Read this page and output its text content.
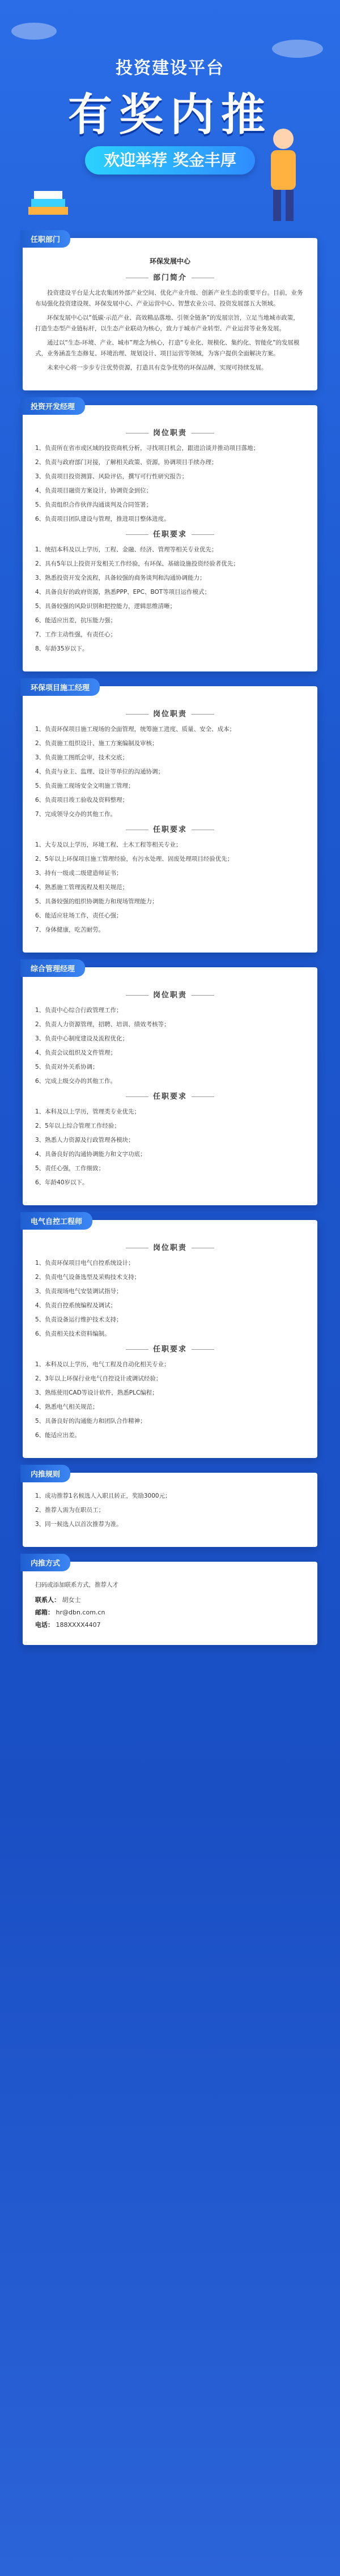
投资建设平台
有奖内推
欢迎举荐 奖金丰厚
任职部门
环保发展中心
部门简介

投资建设平台是大北农集团外部产业空间、优化产业升级、创新产业生态的重要平台。目前，业务布局强化投资建设规、环保发展中心、产业运营中心、智慧农业公司、投资发展部五大领域。

环保发展中心以“低碳·示范产业、高效精品落地、引领全链条”的发展宗旨，立足当地城市政策，打造生态型产业链标杆，以生态产业联动为核心，致力于城市产业转型、产业运营等业务发展。

通过以“生态-环境、产业、城市”理念为核心，打造“专业化、规模化、集约化、智能化”的发展模式，业务涵盖生态修复、环境治理、规划设计、项目运营等领域，为客户提供全面解决方案。

未来中心将一步步专注优势资源，打造具有竞争优势的环保品牌，实现可持续发展。

投资开发经理
岗位职责

1、负责所在省市或区域的投资商机分析，寻找项目机会，跟进洽谈并推动项目落地；

2、负责与政府部门对接，了解相关政策、资源，协调项目手续办理；

3、负责项目投资测算、风险评估，撰写可行性研究报告；

4、负责项目融资方案设计，协调资金到位；

5、负责组织合作伙伴沟通谈判及合同签署；

6、负责项目团队建设与管理，推进项目整体进度。

任职要求

1、统招本科及以上学历，工程、金融、经济、管理等相关专业优先；

2、具有5年以上投资开发相关工作经验，有环保、基础设施投资经验者优先；

3、熟悉投资开发全流程，具备较强的商务谈判和沟通协调能力；

4、具备良好的政府资源，熟悉PPP、EPC、BOT等项目运作模式；

5、具备较强的风险识别和把控能力，逻辑思维清晰；

6、能适应出差，抗压能力强；

7、工作主动性强，有责任心；

8、年龄35岁以下。

环保项目施工经理
岗位职责

1、负责环保项目施工现场的全面管理，统筹施工进度、质量、安全、成本；

2、负责施工组织设计、施工方案编制及审核；

3、负责施工图纸会审，技术交底；

4、负责与业主、监理、设计等单位的沟通协调；

5、负责施工现场安全文明施工管理；

6、负责项目竣工验收及资料整理；

7、完成领导交办的其他工作。

任职要求

1、大专及以上学历，环境工程、土木工程等相关专业；

2、5年以上环保项目施工管理经验，有污水处理、固废处理项目经验优先；

3、持有一级或二级建造师证书；

4、熟悉施工管理流程及相关规范；

5、具备较强的组织协调能力和现场管理能力；

6、能适应驻场工作，责任心强；

7、身体健康，吃苦耐劳。

综合管理经理
岗位职责

1、负责中心综合行政管理工作；

2、负责人力资源管理，招聘、培训、绩效考核等；

3、负责中心制度建设及流程优化；

4、负责会议组织及文件管理；

5、负责对外关系协调；

6、完成上级交办的其他工作。

任职要求

1、本科及以上学历，管理类专业优先；

2、5年以上综合管理工作经验；

3、熟悉人力资源及行政管理各模块；

4、具备良好的沟通协调能力和文字功底；

5、责任心强，工作细致；

6、年龄40岁以下。

电气自控工程师
岗位职责

1、负责环保项目电气自控系统设计；

2、负责电气设备选型及采购技术支持；

3、负责现场电气安装调试指导；

4、负责自控系统编程及调试；

5、负责设备运行维护技术支持；

6、负责相关技术资料编制。

任职要求

1、本科及以上学历，电气工程及自动化相关专业；

2、3年以上环保行业电气自控设计或调试经验；

3、熟练使用CAD等设计软件，熟悉PLC编程；

4、熟悉电气相关规范；

5、具备良好的沟通能力和团队合作精神；

6、能适应出差。

内推规则

1、成功推荐1名候选人入职且转正，奖励3000元；

2、推荐人需为在职员工；

3、同一候选人以首次推荐为准。

内推方式

扫码或添加联系方式，推荐人才

联系人： 胡女士
邮箱： hr@dbn.com.cn
电话： 188XXXX4407
